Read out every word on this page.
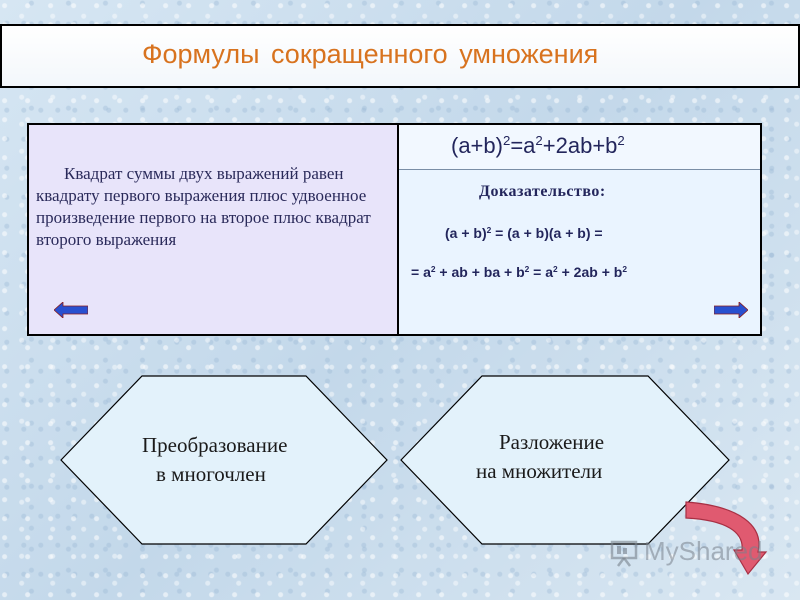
Формулы сокращенного умножения
Квадрат суммы двух выражений равен квадрату первого выражения плюс удвоенное произведение первого на второе плюс квадрат второго выражения
$(a+b)^2=a^2+2ab+b^2$
Доказательство:
$(a + b)^2 = (a + b)(a + b)$ =
= $a^2$ + ab + ba + $b^2 = a^2 + 2ab + b^2$
Преобразование
в многочлен
Разложение
на множители
MyShared
